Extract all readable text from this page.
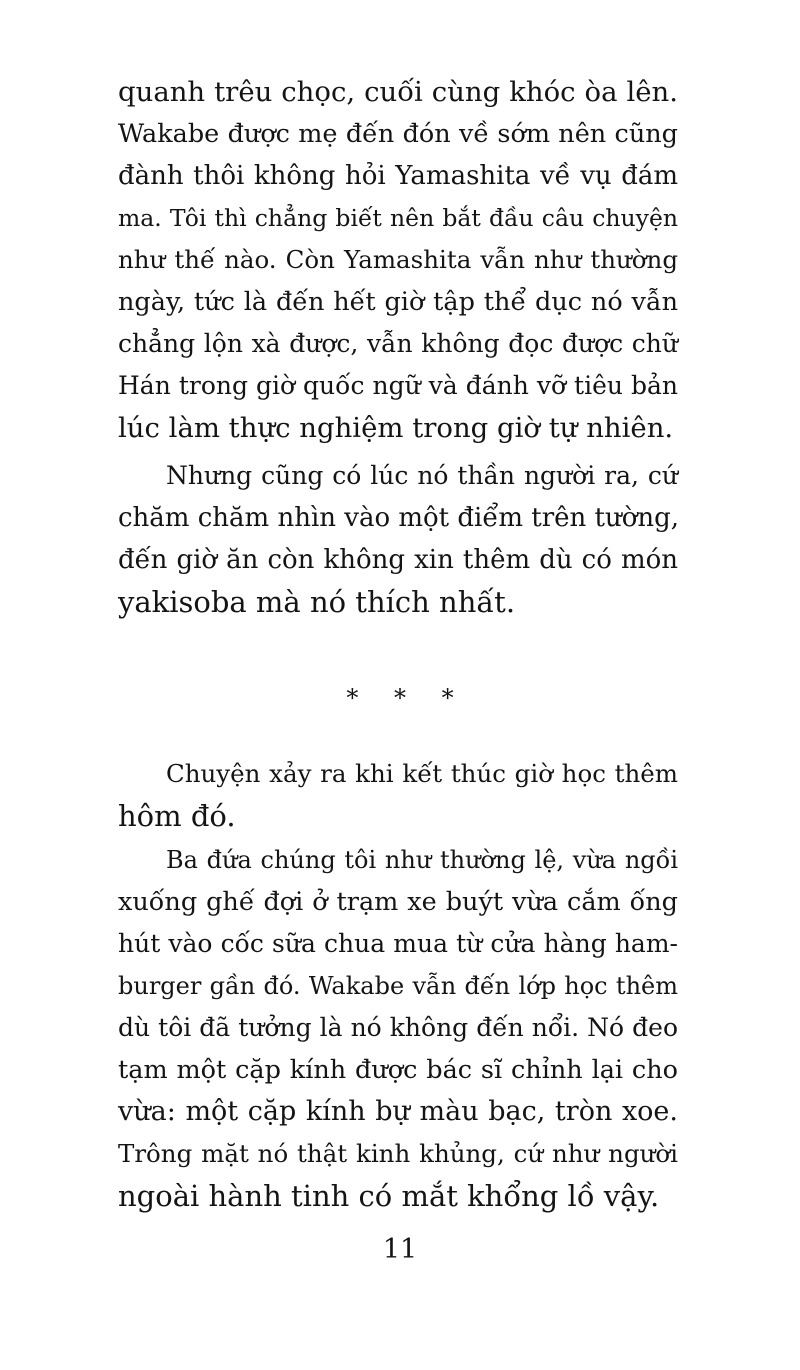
quanh trêu chọc, cuối cùng khóc òa lên.

Wakabe được mẹ đến đón về sớm nên cũng

đành thôi không hỏi Yamashita về vụ đám

ma. Tôi thì chẳng biết nên bắt đầu câu chuyện

như thế nào. Còn Yamashita vẫn như thường

ngày, tức là đến hết giờ tập thể dục nó vẫn

chẳng lộn xà được, vẫn không đọc được chữ

Hán trong giờ quốc ngữ và đánh vỡ tiêu bản

lúc làm thực nghiệm trong giờ tự nhiên.

Nhưng cũng có lúc nó thần người ra, cứ

chăm chăm nhìn vào một điểm trên tường,

đến giờ ăn còn không xin thêm dù có món

yakisoba mà nó thích nhất.

* * *

Chuyện xảy ra khi kết thúc giờ học thêm

hôm đó.

Ba đứa chúng tôi như thường lệ, vừa ngồi

xuống ghế đợi ở trạm xe buýt vừa cắm ống

hút vào cốc sữa chua mua từ cửa hàng ham-

burger gần đó. Wakabe vẫn đến lớp học thêm

dù tôi đã tưởng là nó không đến nổi. Nó đeo

tạm một cặp kính được bác sĩ chỉnh lại cho

vừa: một cặp kính bự màu bạc, tròn xoe.

Trông mặt nó thật kinh khủng, cứ như người

ngoài hành tinh có mắt khổng lồ vậy.

11
